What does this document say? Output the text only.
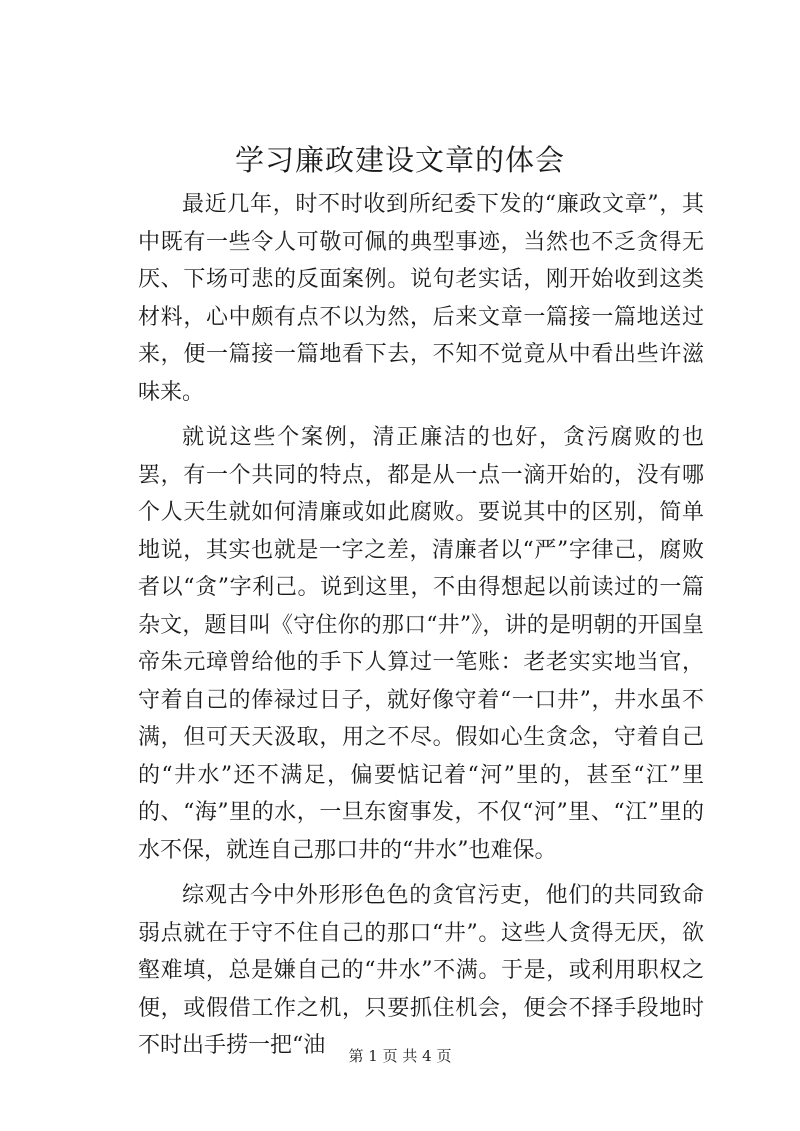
学习廉政建设文章的体会

最近几年，时不时收到所纪委下发的“廉政文章”，其中既有一些令人可敬可佩的典型事迹，当然也不乏贪得无厌、下场可悲的反面案例。说句老实话，刚开始收到这类材料，心中颇有点不以为然，后来文章一篇接一篇地送过来，便一篇接一篇地看下去，不知不觉竟从中看出些许滋味来。

就说这些个案例，清正廉洁的也好，贪污腐败的也罢，有一个共同的特点，都是从一点一滴开始的，没有哪个人天生就如何清廉或如此腐败。要说其中的区别，简单地说，其实也就是一字之差，清廉者以“严”字律己，腐败者以“贪”字利己。说到这里，不由得想起以前读过的一篇杂文，题目叫《守住你的那口“井”》，讲的是明朝的开国皇帝朱元璋曾给他的手下人算过一笔账：老老实实地当官，守着自己的俸禄过日子，就好像守着“一口井”，井水虽不满，但可天天汲取，用之不尽。假如心生贪念，守着自己的“井水”还不满足，偏要惦记着“河”里的，甚至“江”里的、“海”里的水，一旦东窗事发，不仅“河”里、“江”里的水不保，就连自己那口井的“井水”也难保。

综观古今中外形形色色的贪官污吏，他们的共同致命弱点就在于守不住自己的那口“井”。这些人贪得无厌，欲壑难填，总是嫌自己的“井水”不满。于是，或利用职权之便，或假借工作之机，只要抓住机会，便会不择手段地时不时出手捞一把“油	第 1 页 共 4 页
